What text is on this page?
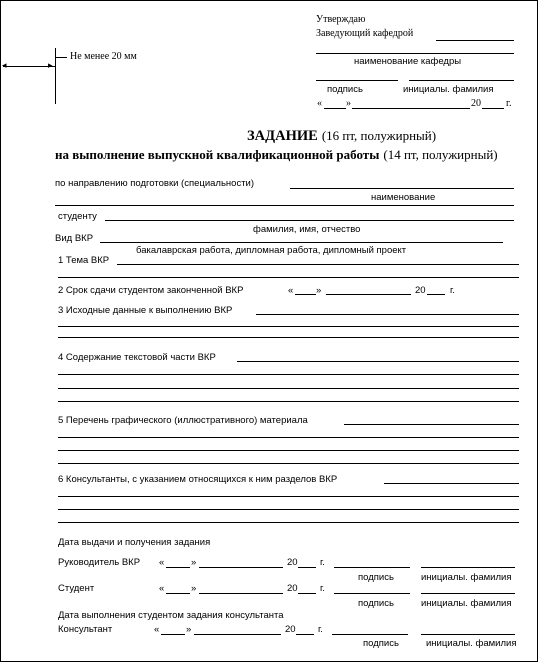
Утверждаю
Заведующий кафедрой
наименование кафедры
подпись	инициалы. фамилия
« »	20	г.
◂	▸
Не менее 20 мм
ЗАДАНИЕ (16 пт, полужирный)
на выполнение выпускной квалификационной работы (14 пт, полужирный)
по направлению подготовки (специальности)
наименование
студенту
фамилия, имя, отчество
Вид ВКР
бакалаврская работа, дипломная работа, дипломный проект
1 Тема ВКР
2 Срок сдачи студентом законченной ВКР	« »	20	г.
3 Исходные данные к выполнению ВКР
4 Содержание текстовой части ВКР
5 Перечень графического (иллюстративного) материала
6 Консультанты, с указанием относящихся к ним разделов ВКР
Дата выдачи и получения задания
Руководитель ВКР «	»	20 г.
подпись	инициалы. фамилия
Студент	«	»	20 г.
подпись	инициалы. фамилия
Дата выполнения студентом задания консультанта
Консультант	«	»	20 г.
подпись	инициалы. фамилия
